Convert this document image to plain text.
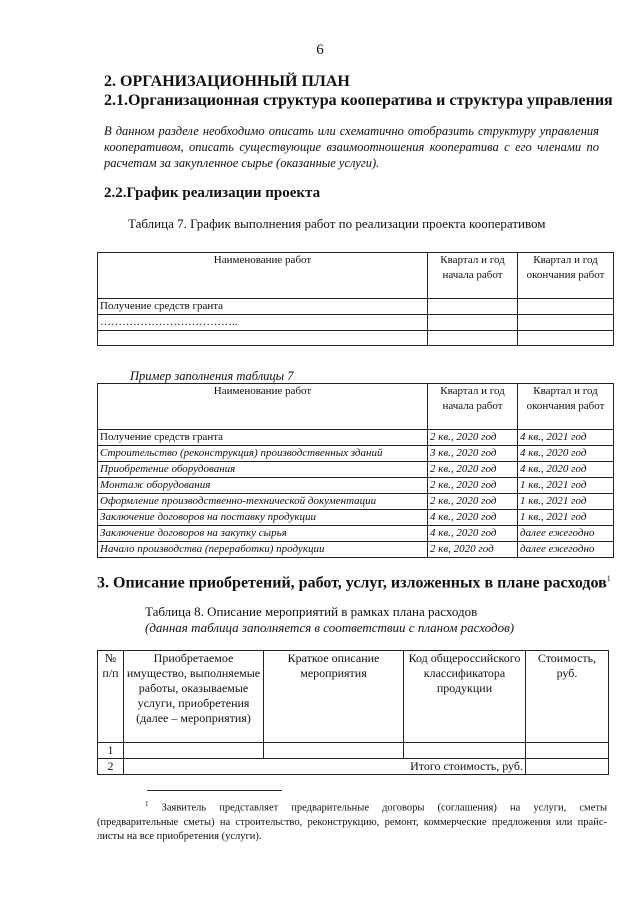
6
2. ОРГАНИЗАЦИОННЫЙ ПЛАН
2.1.Организационная структура кооператива и структура управления
В данном разделе необходимо описать или схематично отобразить структуру управления кооперативом, описать существующие взаимоотношения кооператива с его членами по расчетам за закупленное сырье (оказанные услуги).
2.2.График реализации проекта
Таблица 7. График выполнения работ по реализации проекта кооперативом
Наименование работ	Квартал и год начала работ	Квартал и год окончания работ
Получение средств гранта		
………………………………..		

Пример заполнения таблицы 7
Наименование работ	Квартал и год начала работ	Квартал и год окончания работ
Получение средств гранта	2 кв., 2020 год	4 кв., 2021 год
Строительство (реконструкция) производственных зданий	3 кв., 2020 год	4 кв., 2020 год
Приобретение оборудования	2 кв., 2020 год	4 кв., 2020 год
Монтаж оборудования	2 кв., 2020 год	1 кв., 2021 год
Оформление производственно-технической документации	2 кв., 2020 год	1 кв., 2021 год
Заключение договоров на поставку продукции	4 кв., 2020 год	1 кв., 2021 год
Заключение договоров на закупку сырья	4 кв., 2020 год	далее ежегодно
Начало производства (переработки) продукции	2 кв, 2020 год	далее ежегодно
3. Описание приобретений, работ, услуг, изложенных в плане расходов$^1$
Таблица 8. Описание мероприятий в рамках плана расходов
(данная таблица заполняется в соответствии с планом расходов)
№ п/п	Приобретаемое имущество, выполняемые работы, оказываемые услуги, приобретения (далее – мероприятия)	Краткое описание мероприятия	Код общероссийского классификатора продукции	Стоимость, руб.
1				
2	Итого стоимость, руб.			
$^1$ Заявитель представляет предварительные договоры (соглашения) на услуги, сметы (предварительные сметы) на строительство, реконструкцию, ремонт, коммерческие предложения или прайс-листы на все приобретения (услуги).
